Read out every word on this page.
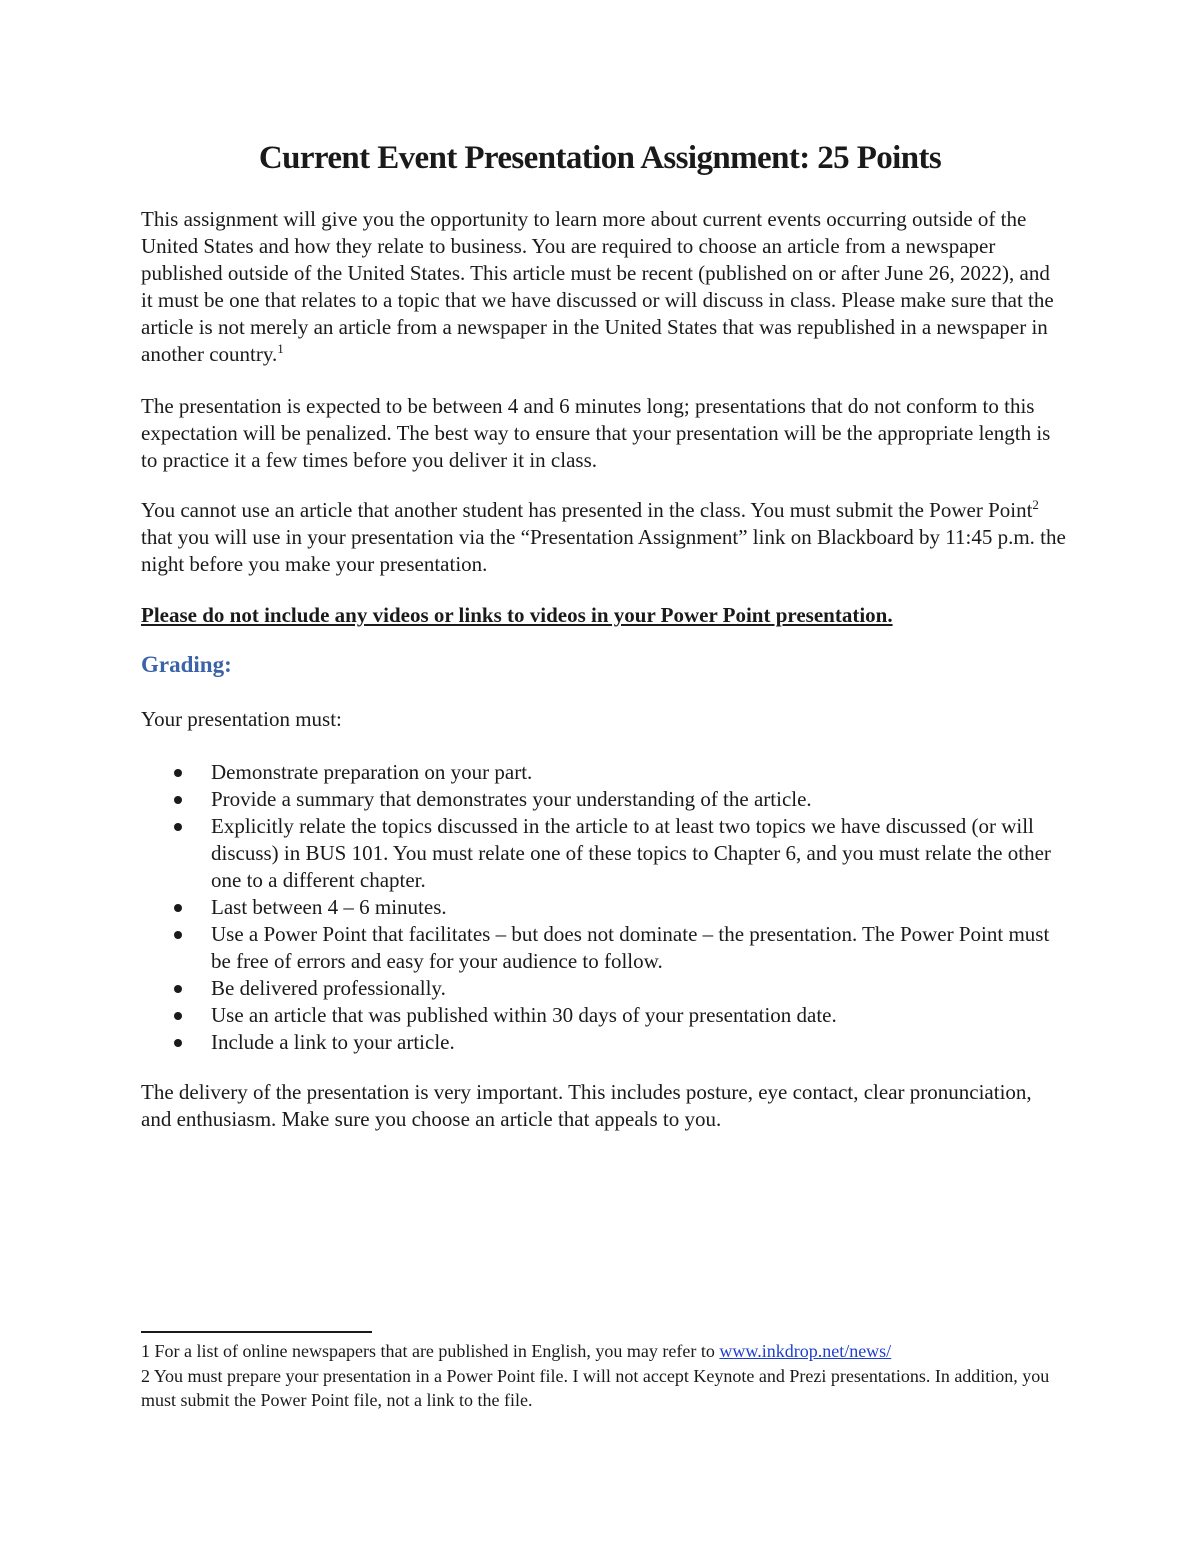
Current Event Presentation Assignment: 25 Points

This assignment will give you the opportunity to learn more about current events occurring outside of the United States and how they relate to business. You are required to choose an article from a newspaper published outside of the United States. This article must be recent (published on or after June 26, 2022), and it must be one that relates to a topic that we have discussed or will discuss in class. Please make sure that the article is not merely an article from a newspaper in the United States that was republished in a newspaper in another country.$^1$

The presentation is expected to be between 4 and 6 minutes long; presentations that do not conform to this expectation will be penalized. The best way to ensure that your presentation will be the appropriate length is to practice it a few times before you deliver it in class.

You cannot use an article that another student has presented in the class. You must submit the Power Point$^2$ that you will use in your presentation via the “Presentation Assignment” link on Blackboard by 11:45 p.m. the night before you make your presentation.

Please do not include any videos or links to videos in your Power Point presentation.

Grading:

Your presentation must:

Demonstrate preparation on your part.
Provide a summary that demonstrates your understanding of the article.
Explicitly relate the topics discussed in the article to at least two topics we have discussed (or will discuss) in BUS 101. You must relate one of these topics to Chapter 6, and you must relate the other one to a different chapter.
Last between 4 – 6 minutes.
Use a Power Point that facilitates – but does not dominate – the presentation. The Power Point must be free of errors and easy for your audience to follow.
Be delivered professionally.
Use an article that was published within 30 days of your presentation date.
Include a link to your article.

The delivery of the presentation is very important. This includes posture, eye contact, clear pronunciation, and enthusiasm. Make sure you choose an article that appeals to you.

1 For a list of online newspapers that are published in English, you may refer to www.inkdrop.net/news/
2 You must prepare your presentation in a Power Point file. I will not accept Keynote and Prezi presentations. In addition, you must submit the Power Point file, not a link to the file.
